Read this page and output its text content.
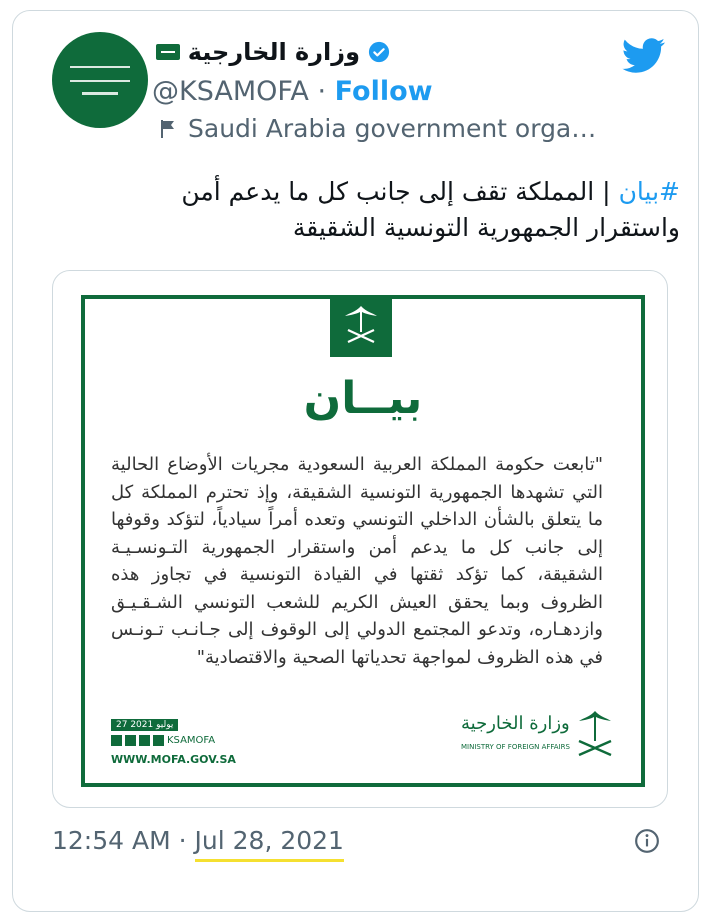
وزارة الخارجية
@KSAMOFA · Follow
Saudi Arabia government orga…
#بيان | المملكة تقف إلى جانب كل ما يدعم أمن واستقرار الجمهورية التونسية الشقيقة
بيــان
"تابعت حكومة المملكة العربية السعودية مجريات الأوضاع الحالية التي تشهدها الجمهورية التونسية الشقيقة، وإذ تحترم المملكة كل ما يتعلق بالشأن الداخلي التونسي وتعده أمراً سيادياً، لتؤكد وقوفها إلى جانب كل ما يدعم أمن واستقرار الجمهورية التـونسـيـة الشقيقة، كما تؤكد ثقتها في القيادة التونسية في تجاوز هذه الظروف وبما يحقق العيش الكريم للشعب التونسي الشـقـيـق وازدهـاره، وتدعو المجتمع الدولي إلى الوقوف إلى جـانـب تـونـس في هذه الظروف لمواجهة تحدياتها الصحية والاقتصادية"
27 يوليو 2021
KSAMOFA
WWW.MOFA.GOV.SA
وزارة الخارجية
MINISTRY OF FOREIGN AFFAIRS
12:54 AM · Jul 28, 2021
